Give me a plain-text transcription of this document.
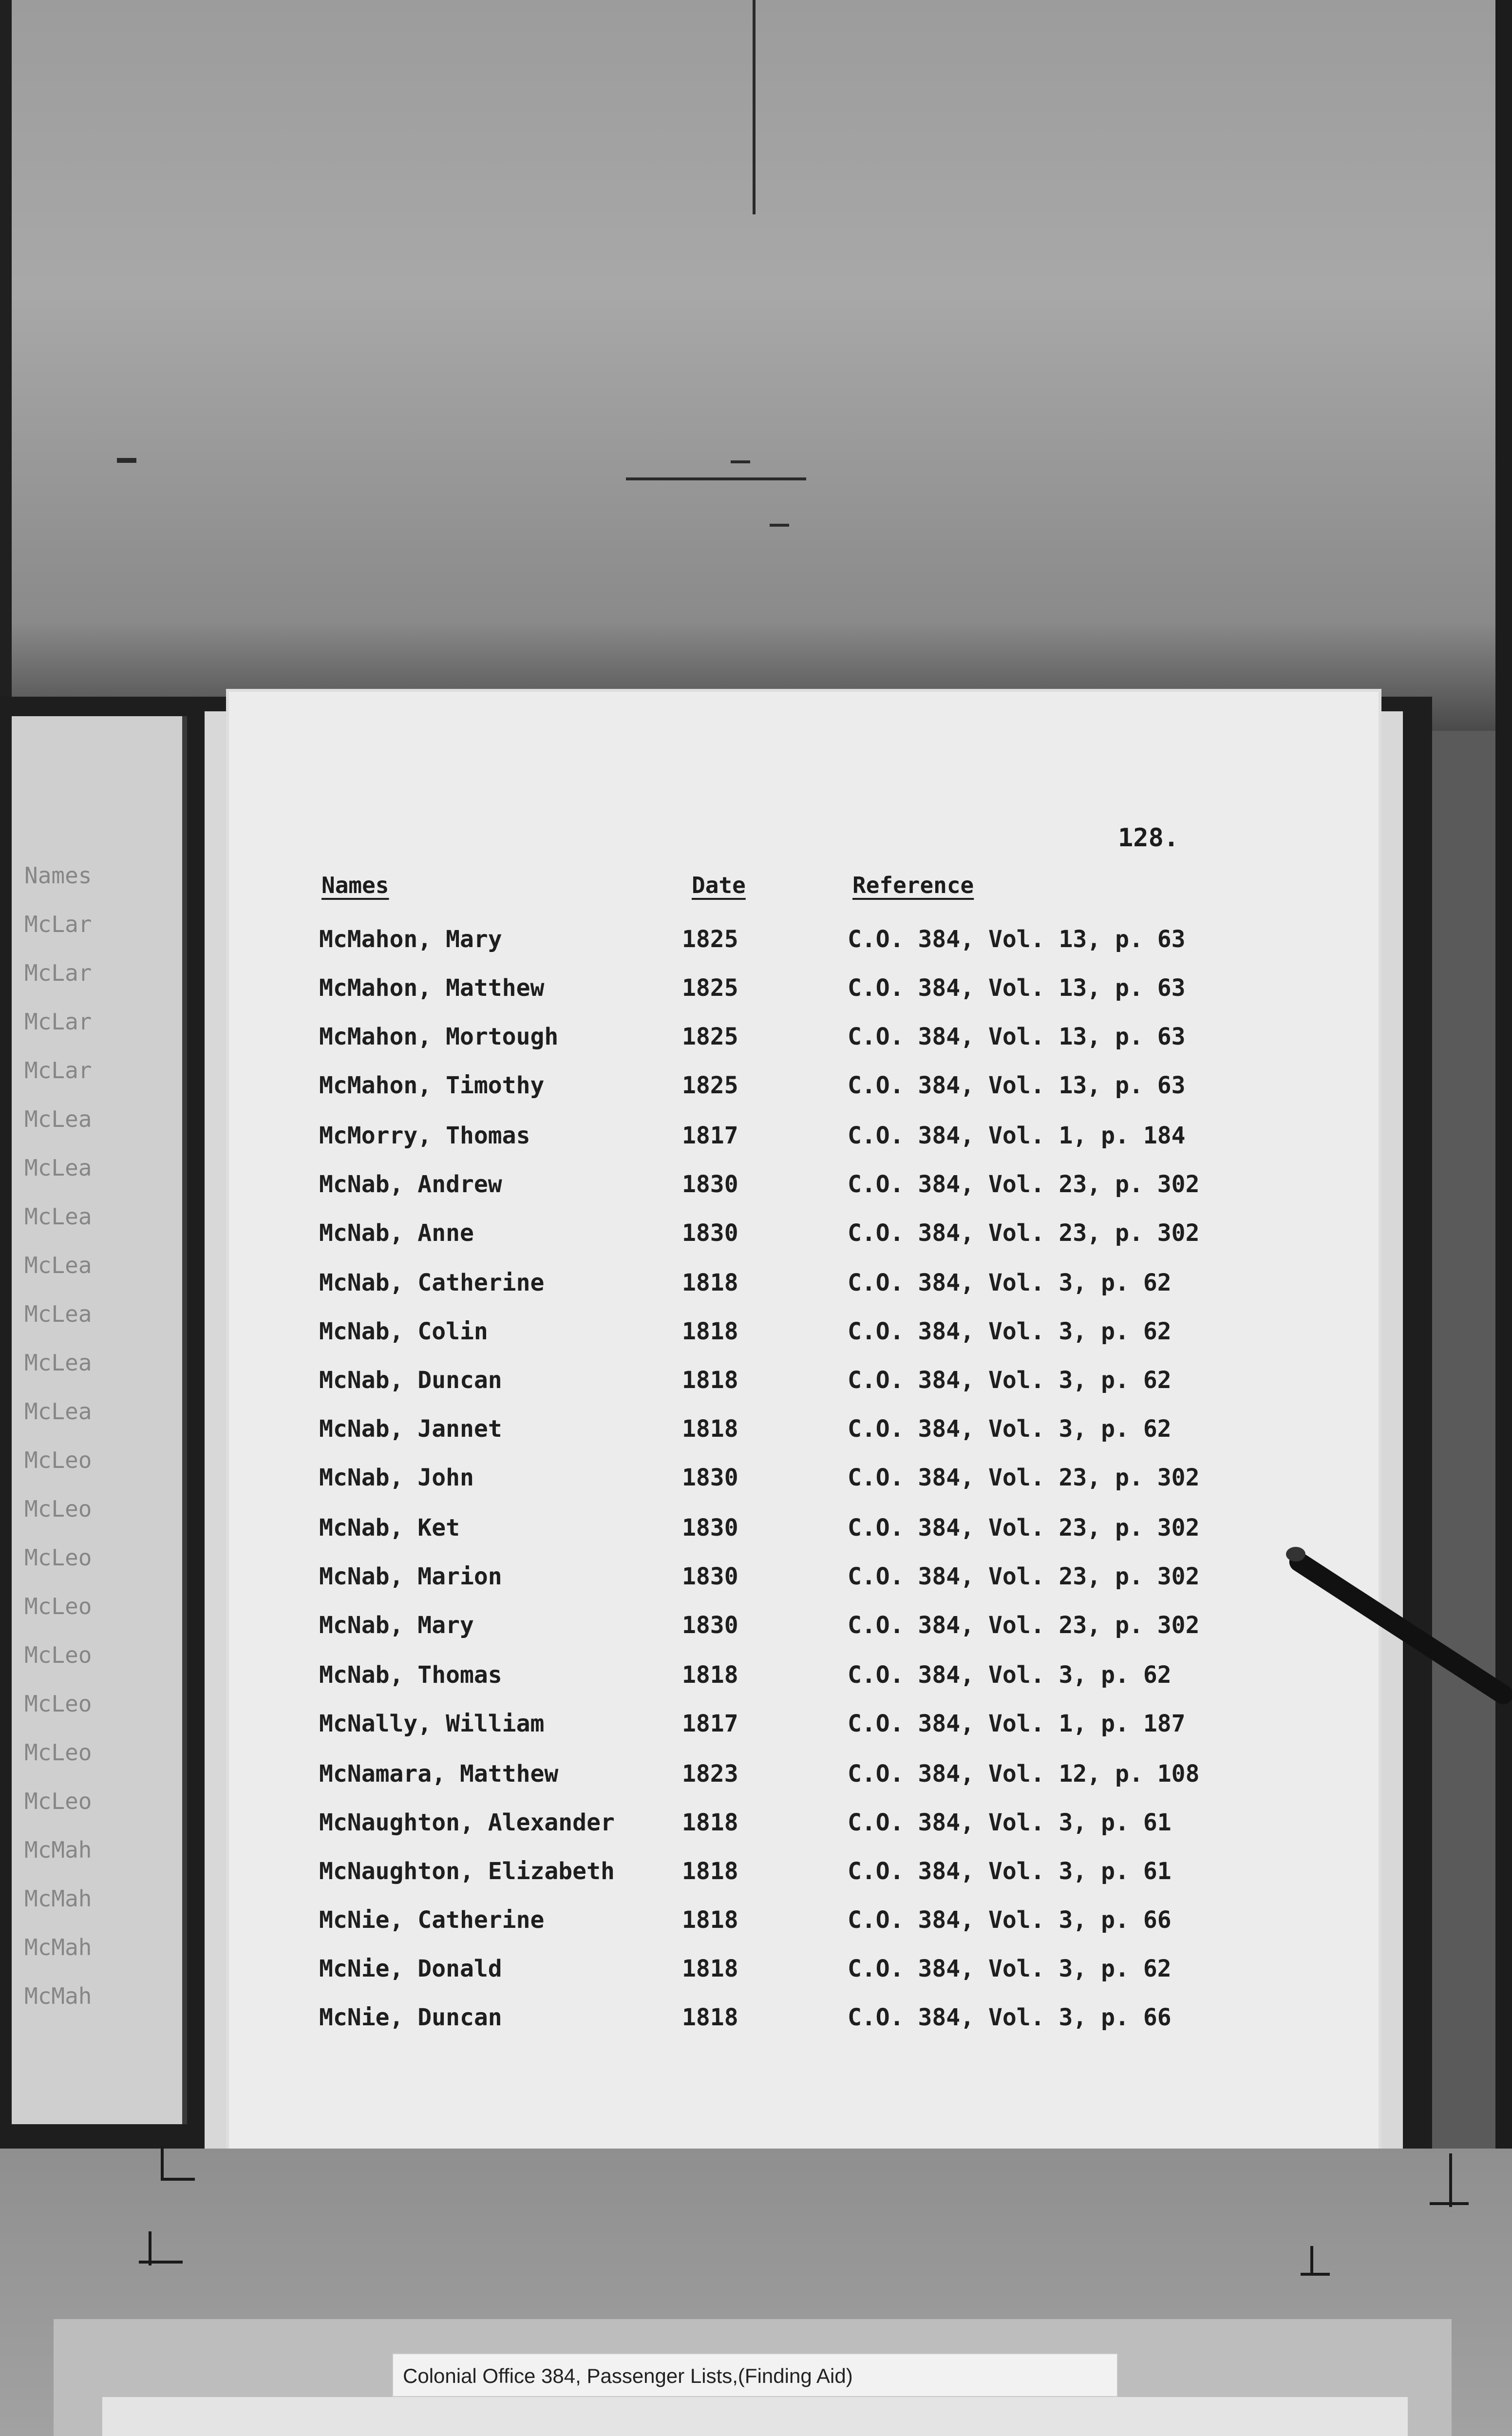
Names
McLar
McLar
McLar
McLar
McLea
McLea
McLea
McLea
McLea
McLea
McLea
McLeo
McLeo
McLeo
McLeo
McLeo
McLeo
McLeo
McLeo
McMah
McMah
McMah
McMah
128.
Names	Date	Reference
McMahon, Mary	1825	C.O. 384, Vol. 13, p. 63
McMahon, Matthew	1825	C.O. 384, Vol. 13, p. 63
McMahon, Mortough	1825	C.O. 384, Vol. 13, p. 63
McMahon, Timothy	1825	C.O. 384, Vol. 13, p. 63
McMorry, Thomas	1817	C.O. 384, Vol. 1, p. 184
McNab, Andrew	1830	C.O. 384, Vol. 23, p. 302
McNab, Anne	1830	C.O. 384, Vol. 23, p. 302
McNab, Catherine	1818	C.O. 384, Vol. 3, p. 62
McNab, Colin	1818	C.O. 384, Vol. 3, p. 62
McNab, Duncan	1818	C.O. 384, Vol. 3, p. 62
McNab, Jannet	1818	C.O. 384, Vol. 3, p. 62
McNab, John	1830	C.O. 384, Vol. 23, p. 302
McNab, Ket	1830	C.O. 384, Vol. 23, p. 302
McNab, Marion	1830	C.O. 384, Vol. 23, p. 302
McNab, Mary	1830	C.O. 384, Vol. 23, p. 302
McNab, Thomas	1818	C.O. 384, Vol. 3, p. 62
McNally, William	1817	C.O. 384, Vol. 1, p. 187
McNamara, Matthew	1823	C.O. 384, Vol. 12, p. 108
McNaughton, Alexander	1818	C.O. 384, Vol. 3, p. 61
McNaughton, Elizabeth	1818	C.O. 384, Vol. 3, p. 61
McNie, Catherine	1818	C.O. 384, Vol. 3, p. 66
McNie, Donald	1818	C.O. 384, Vol. 3, p. 62
McNie, Duncan	1818	C.O. 384, Vol. 3, p. 66
Colonial Office 384, Passenger Lists,(Finding Aid)
